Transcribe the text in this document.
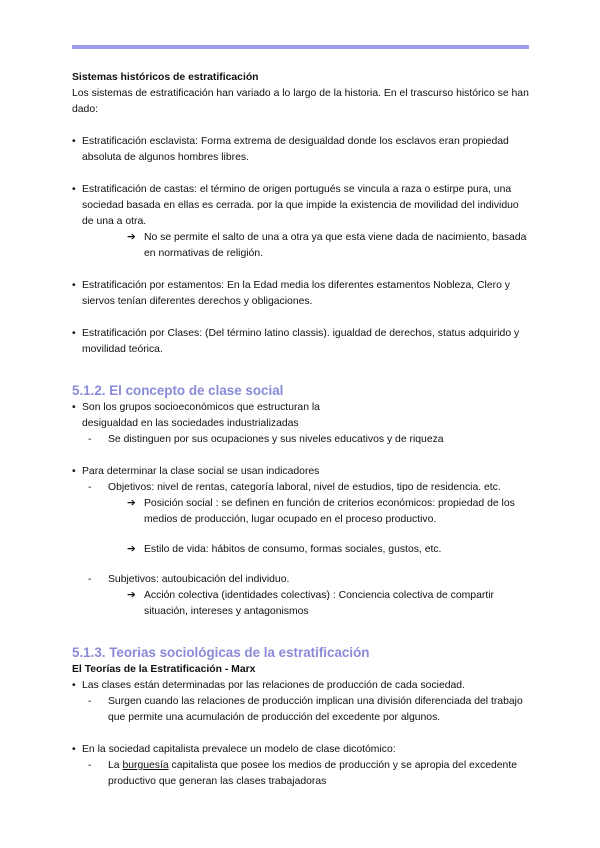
Sistemas históricos de estratificación

Los sistemas de estratificación han variado a lo largo de la historia. En el trascurso histórico se han dado:

• Estratificación esclavista: Forma extrema de desigualdad donde los esclavos eran propiedad absoluta de algunos hombres libres.
• Estratificación de castas: el término de origen portugués se vincula a raza o estirpe pura, una sociedad basada en ellas es cerrada. por la que impide la existencia de movilidad del individuo de una a otra.
➔ No se permite el salto de una a otra ya que esta viene dada de nacimiento, basada en normativas de religión.
• Estratificación por estamentos: En la Edad media los diferentes estamentos Nobleza, Clero y siervos tenían diferentes derechos y obligaciones.
• Estratificación por Clases: (Del término latino classis). igualdad de derechos, status adquirido y movilidad teórica.

5.1.2. El concepto de clase social

• Son los grupos socioeconómicos que estructuran la desigualdad en las sociedades industrializadas
-	Se distinguen por sus ocupaciones y sus niveles educativos y de riqueza
• Para determinar la clase social se usan indicadores
-	Objetivos: nivel de rentas, categoría laboral, nivel de estudios, tipo de residencia. etc.
➔ Posición social : se definen en función de criterios económicos: propiedad de los medios de producción, lugar ocupado en el proceso productivo.
➔ Estilo de vida: hábitos de consumo, formas sociales, gustos, etc.
-	Subjetivos: autoubicación del individuo.
➔ Acción colectiva (identidades colectivas) : Conciencia colectiva de compartir situación, intereses y antagonismos

5.1.3. Teorias sociológicas de la estratificación

El Teorías de la Estratificación - Marx

• Las clases están determinadas por las relaciones de producción de cada sociedad.
-	Surgen cuando las relaciones de producción implican una división diferenciada del trabajo que permite una acumulación de producción del excedente por algunos.
• En la sociedad capitalista prevalece un modelo de clase dicotómico:
-	La burguesía capitalista que posee los medios de producción y se apropia del excedente productivo que generan las clases trabajadoras
